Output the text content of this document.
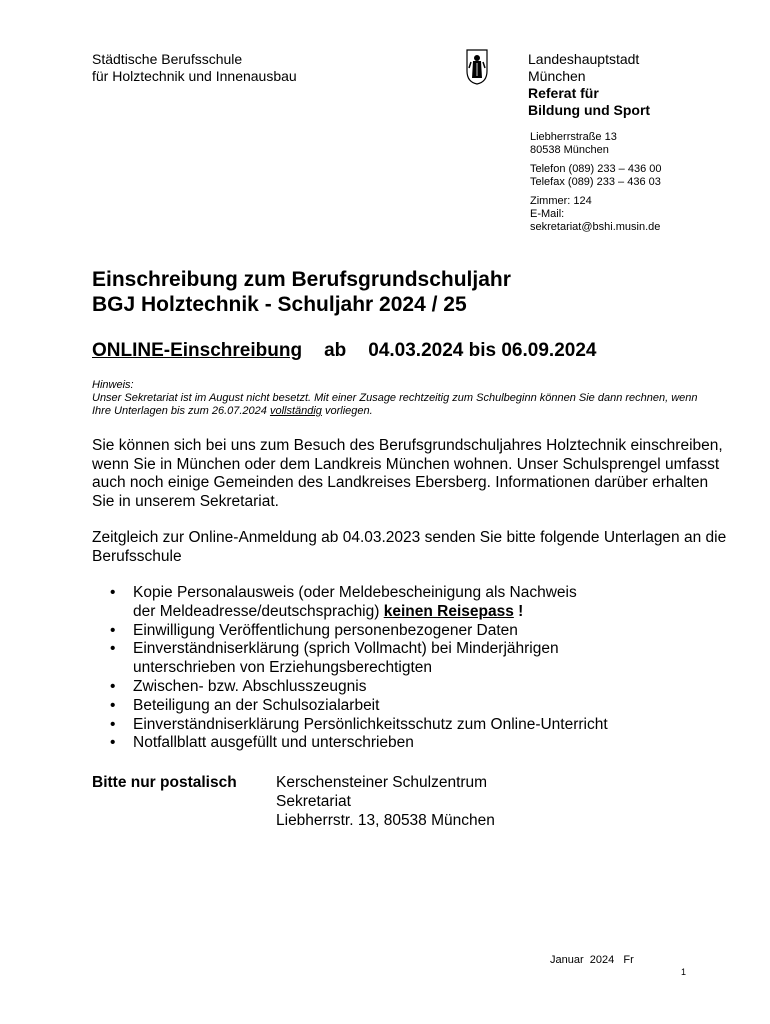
Städtische Berufsschule
für Holztechnik und Innenausbau
Landeshauptstadt
München
Referat für
Bildung und Sport
Liebherrstraße 13
80538 München
Telefon (089) 233 – 436 00
Telefax (089) 233 – 436 03
Zimmer: 124
E-Mail:
sekretariat@bshi.musin.de
Einschreibung zum Berufsgrundschuljahr
BGJ Holztechnik - Schuljahr 2024 / 25
ONLINE-Einschreibung ab 04.03.2024 bis 06.09.2024
Hinweis:
Unser Sekretariat ist im August nicht besetzt. Mit einer Zusage rechtzeitig zum Schulbeginn können Sie dann rechnen, wenn Ihre Unterlagen bis zum 26.07.2024 vollständig vorliegen.
Sie können sich bei uns zum Besuch des Berufsgrundschuljahres Holztechnik einschreiben, wenn Sie in München oder dem Landkreis München wohnen. Unser Schulsprengel umfasst auch noch einige Gemeinden des Landkreises Ebersberg. Informationen darüber erhalten Sie in unserem Sekretariat.
Zeitgleich zur Online-Anmeldung ab 04.03.2023 senden Sie bitte folgende Unterlagen an die Berufsschule
• Kopie Personalausweis (oder Meldebescheinigung als Nachweis
der Meldeadresse/deutschsprachig) keinen Reisepass !
• Einwilligung Veröffentlichung personenbezogener Daten
• Einverständniserklärung (sprich Vollmacht) bei Minderjährigen
unterschrieben von Erziehungsberechtigten
• Zwischen- bzw. Abschlusszeugnis
• Beteiligung an der Schulsozialarbeit
• Einverständniserklärung Persönlichkeitsschutz zum Online-Unterricht
• Notfallblatt ausgefüllt und unterschrieben
Bitte nur postalisch	Kerschensteiner Schulzentrum
Sekretariat
Liebherrstr. 13, 80538 München
Januar  2024   Fr
1
